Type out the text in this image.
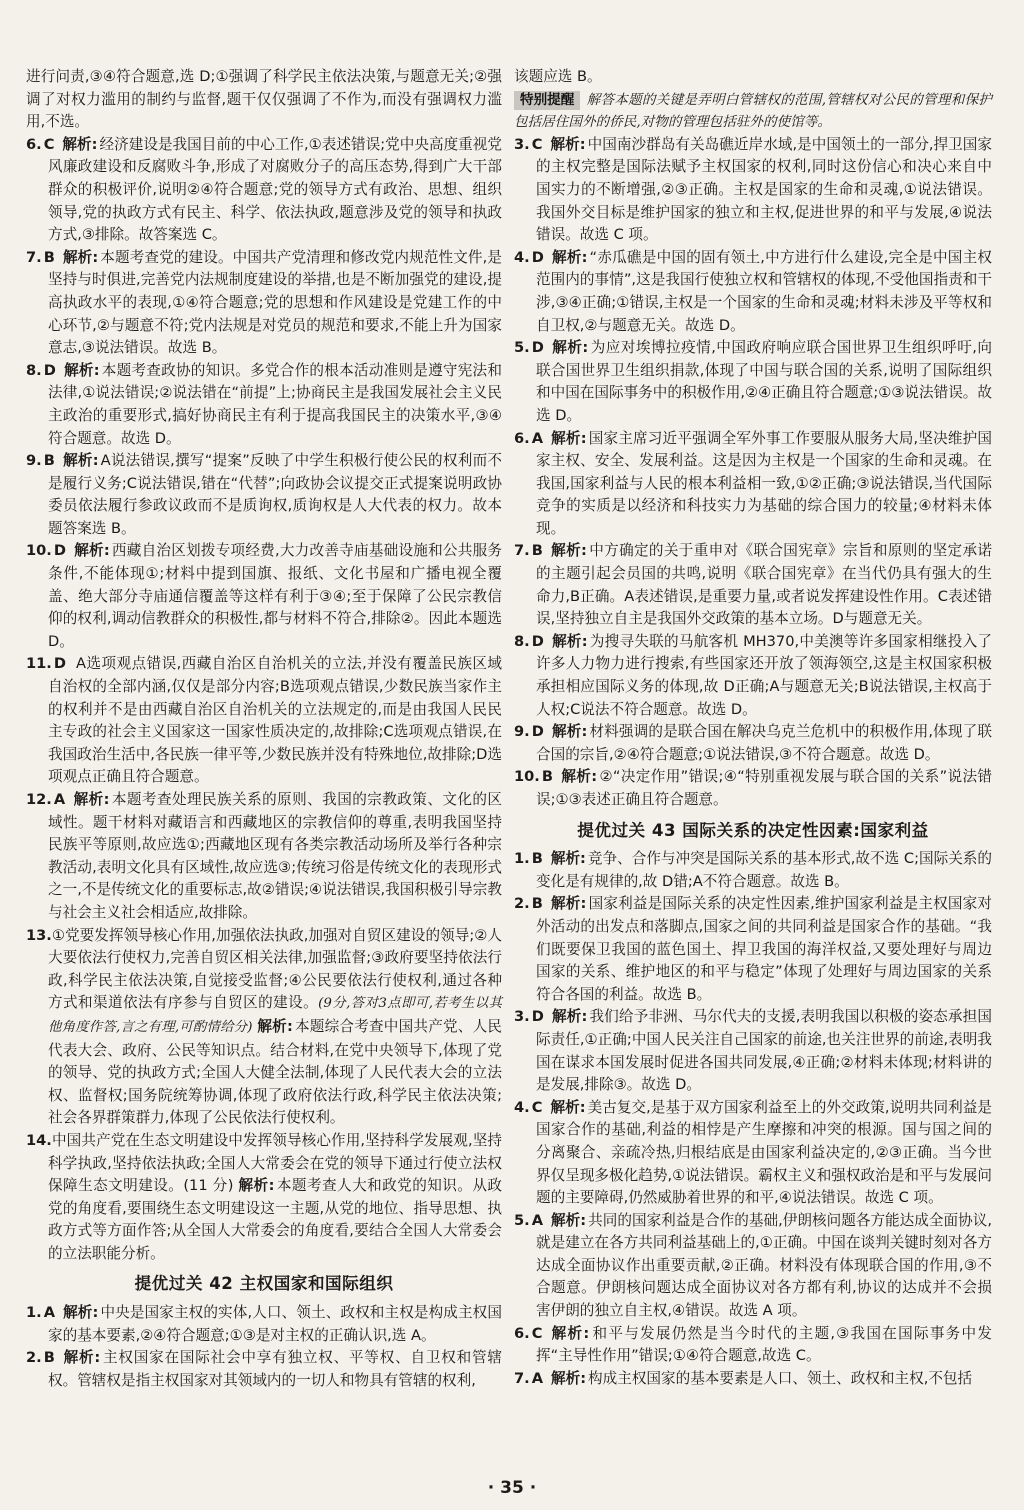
进行问责,③④符合题意,选 D;①强调了科学民主依法决策,与题意无关;②强调了对权力滥用的制约与监督,题干仅仅强调了不作为,而没有强调权力滥用,不选。

6. C 解析: 经济建设是我国目前的中心工作,①表述错误;党中央高度重视党风廉政建设和反腐败斗争,形成了对腐败分子的高压态势,得到广大干部群众的积极评价,说明②④符合题意;党的领导方式有政治、思想、组织领导,党的执政方式有民主、科学、依法执政,题意涉及党的领导和执政方式,③排除。故答案选 C。

7. B 解析: 本题考查党的建设。中国共产党清理和修改党内规范性文件,是坚持与时俱进,完善党内法规制度建设的举措,也是不断加强党的建设,提高执政水平的表现,①④符合题意;党的思想和作风建设是党建工作的中心环节,②与题意不符;党内法规是对党员的规范和要求,不能上升为国家意志,③说法错误。故选 B。

8. D 解析: 本题考查政协的知识。多党合作的根本活动准则是遵守宪法和法律,①说法错误;②说法错在“前提”上;协商民主是我国发展社会主义民主政治的重要形式,搞好协商民主有利于提高我国民主的决策水平,③④符合题意。故选 D。

9. B 解析: A说法错误,撰写“提案”反映了中学生积极行使公民的权利而不是履行义务;C说法错误,错在“代替”;向政协会议提交正式提案说明政协委员依法履行参政议政而不是质询权,质询权是人大代表的权力。故本题答案选 B。

10. D 解析: 西藏自治区划拨专项经费,大力改善寺庙基础设施和公共服务条件,不能体现①;材料中提到国旗、报纸、文化书屋和广播电视全覆盖、绝大部分寺庙通信覆盖等这样有利于③④;至于保障了公民宗教信仰的权利,调动信教群众的积极性,都与材料不符合,排除②。因此本题选 D。

11. D A选项观点错误,西藏自治区自治机关的立法,并没有覆盖民族区域自治权的全部内涵,仅仅是部分内容;B选项观点错误,少数民族当家作主的权利并不是由西藏自治区自治机关的立法规定的,而是由我国人民民主专政的社会主义国家这一国家性质决定的,故排除;C选项观点错误,在我国政治生活中,各民族一律平等,少数民族并没有特殊地位,故排除;D选项观点正确且符合题意。

12. A 解析: 本题考查处理民族关系的原则、我国的宗教政策、文化的区域性。题干材料对藏语言和西藏地区的宗教信仰的尊重,表明我国坚持民族平等原则,故应选①;西藏地区现有各类宗教活动场所及举行各种宗教活动,表明文化具有区域性,故应选③;传统习俗是传统文化的表现形式之一,不是传统文化的重要标志,故②错误;④说法错误,我国积极引导宗教与社会主义社会相适应,故排除。

13.①党要发挥领导核心作用,加强依法执政,加强对自贸区建设的领导;②人大要依法行使权力,完善自贸区相关法律,加强监督;③政府要坚持依法行政,科学民主依法决策,自觉接受监督;④公民要依法行使权利,通过各种方式和渠道依法有序参与自贸区的建设。(9分,答对3点即可,若考生以其他角度作答,言之有理,可酌情给分) 解析: 本题综合考查中国共产党、人民代表大会、政府、公民等知识点。结合材料,在党中央领导下,体现了党的领导、党的执政方式;全国人大健全法制,体现了人民代表大会的立法权、监督权;国务院统筹协调,体现了政府依法行政,科学民主依法决策;社会各界群策群力,体现了公民依法行使权利。

14.中国共产党在生态文明建设中发挥领导核心作用,坚持科学发展观,坚持科学执政,坚持依法执政;全国人大常委会在党的领导下通过行使立法权保障生态文明建设。(11 分) 解析: 本题考查人大和政党的知识。从政党的角度看,要围绕生态文明建设这一主题,从党的地位、指导思想、执政方式等方面作答;从全国人大常委会的角度看,要结合全国人大常委会的立法职能分析。

提优过关 42 主权国家和国际组织

1. A 解析: 中央是国家主权的实体,人口、领土、政权和主权是构成主权国家的基本要素,②④符合题意;①③是对主权的正确认识,选 A。

2. B 解析: 主权国家在国际社会中享有独立权、平等权、自卫权和管辖权。管辖权是指主权国家对其领域内的一切人和物具有管辖的权利,

该题应选 B。

特别提醒 解答本题的关键是弄明白管辖权的范围,管辖权对公民的管理和保护包括居住国外的侨民,对物的管理包括驻外的使馆等。

3. C 解析: 中国南沙群岛有关岛礁近岸水域,是中国领土的一部分,捍卫国家的主权完整是国际法赋予主权国家的权利,同时这份信心和决心来自中国实力的不断增强,②③正确。主权是国家的生命和灵魂,①说法错误。我国外交目标是维护国家的独立和主权,促进世界的和平与发展,④说法错误。故选 C 项。

4. D 解析: “赤瓜礁是中国的固有领土,中方进行什么建设,完全是中国主权范围内的事情”,这是我国行使独立权和管辖权的体现,不受他国指责和干涉,③④正确;①错误,主权是一个国家的生命和灵魂;材料未涉及平等权和自卫权,②与题意无关。故选 D。

5. D 解析: 为应对埃博拉疫情,中国政府响应联合国世界卫生组织呼吁,向联合国世界卫生组织捐款,体现了中国与联合国的关系,说明了国际组织和中国在国际事务中的积极作用,②④正确且符合题意;①③说法错误。故选 D。

6. A 解析: 国家主席习近平强调全军外事工作要服从服务大局,坚决维护国家主权、安全、发展利益。这是因为主权是一个国家的生命和灵魂。在我国,国家利益与人民的根本利益相一致,①②正确;③说法错误,当代国际竞争的实质是以经济和科技实力为基础的综合国力的较量;④材料未体现。

7. B 解析: 中方确定的关于重申对《联合国宪章》宗旨和原则的坚定承诺的主题引起会员国的共鸣,说明《联合国宪章》在当代仍具有强大的生命力,B正确。A表述错误,是重要力量,或者说发挥建设性作用。C表述错误,坚持独立自主是我国外交政策的基本立场。D与题意无关。

8. D 解析: 为搜寻失联的马航客机 MH370,中美澳等许多国家相继投入了许多人力物力进行搜索,有些国家还开放了领海领空,这是主权国家积极承担相应国际义务的体现,故 D正确;A与题意无关;B说法错误,主权高于人权;C说法不符合题意。故选 D。

9. D 解析: 材料强调的是联合国在解决乌克兰危机中的积极作用,体现了联合国的宗旨,②④符合题意;①说法错误,③不符合题意。故选 D。

10. B 解析: ②“决定作用”错误;④“特别重视发展与联合国的关系”说法错误;①③表述正确且符合题意。

提优过关 43 国际关系的决定性因素:国家利益

1. B 解析: 竞争、合作与冲突是国际关系的基本形式,故不选 C;国际关系的变化是有规律的,故 D错;A不符合题意。故选 B。

2. B 解析: 国家利益是国际关系的决定性因素,维护国家利益是主权国家对外活动的出发点和落脚点,国家之间的共同利益是国家合作的基础。“我们既要保卫我国的蓝色国土、捍卫我国的海洋权益,又要处理好与周边国家的关系、维护地区的和平与稳定”体现了处理好与周边国家的关系符合各国的利益。故选 B。

3. D 解析: 我们给予非洲、马尔代夫的支援,表明我国以积极的姿态承担国际责任,①正确;中国人民关注自己国家的前途,也关注世界的前途,表明我国在谋求本国发展时促进各国共同发展,④正确;②材料未体现;材料讲的是发展,排除③。故选 D。

4. C 解析: 美古复交,是基于双方国家利益至上的外交政策,说明共同利益是国家合作的基础,利益的相悖是产生摩擦和冲突的根源。国与国之间的分离聚合、亲疏冷热,归根结底是由国家利益决定的,②③正确。当今世界仅呈现多极化趋势,①说法错误。霸权主义和强权政治是和平与发展问题的主要障碍,仍然威胁着世界的和平,④说法错误。故选 C 项。

5. A 解析: 共同的国家利益是合作的基础,伊朗核问题各方能达成全面协议,就是建立在各方共同利益基础上的,①正确。中国在谈判关键时刻对各方达成全面协议作出重要贡献,②正确。材料没有体现联合国的作用,③不合题意。伊朗核问题达成全面协议对各方都有利,协议的达成并不会损害伊朗的独立自主权,④错误。故选 A 项。

6. C 解析: 和平与发展仍然是当今时代的主题,③我国在国际事务中发挥“主导性作用”错误;①④符合题意,故选 C。

7. A 解析: 构成主权国家的基本要素是人口、领土、政权和主权,不包括

· 35 ·
